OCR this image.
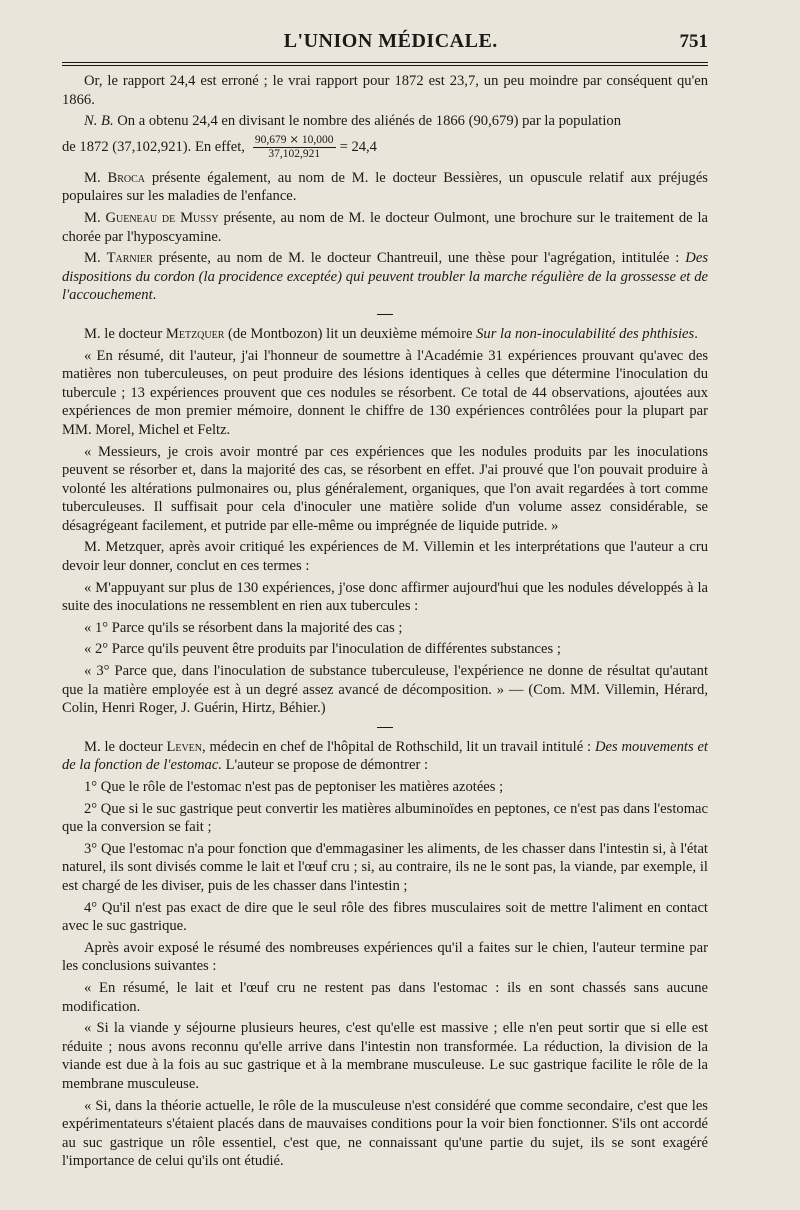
L'UNION MÉDICALE.	751

Or, le rapport 24,4 est erroné ; le vrai rapport pour 1872 est 23,7, un peu moindre par conséquent qu'en 1866.

N. B. On a obtenu 24,4 en divisant le nombre des aliénés de 1866 (90,679) par la population

de 1872 (37,102,921). En effet, $\frac{90,679 ⨯ 10,000}{37,102,921} = 24,4$

M. Broca présente également, au nom de M. le docteur Bessières, un opuscule relatif aux préjugés populaires sur les maladies de l'enfance.

M. Gueneau de Mussy présente, au nom de M. le docteur Oulmont, une brochure sur le traitement de la chorée par l'hyposcyamine.

M. Tarnier présente, au nom de M. le docteur Chantreuil, une thèse pour l'agrégation, intitulée : Des dispositions du cordon (la procidence exceptée) qui peuvent troubler la marche régulière de la grossesse et de l'accouchement.

M. le docteur Metzquer (de Montbozon) lit un deuxième mémoire Sur la non-inoculabilité des phthisies.

« En résumé, dit l'auteur, j'ai l'honneur de soumettre à l'Académie 31 expériences prouvant qu'avec des matières non tuberculeuses, on peut produire des lésions identiques à celles que détermine l'inoculation du tubercule ; 13 expériences prouvent que ces nodules se résorbent. Ce total de 44 observations, ajoutées aux expériences de mon premier mémoire, donnent le chiffre de 130 expériences contrôlées pour la plupart par MM. Morel, Michel et Feltz.

« Messieurs, je crois avoir montré par ces expériences que les nodules produits par les inoculations peuvent se résorber et, dans la majorité des cas, se résorbent en effet. J'ai prouvé que l'on pouvait produire à volonté les altérations pulmonaires ou, plus généralement, organiques, que l'on avait regardées à tort comme tuberculeuses. Il suffisait pour cela d'inoculer une matière solide d'un volume assez considérable, se désagrégeant facilement, et putride par elle-même ou imprégnée de liquide putride. »

M. Metzquer, après avoir critiqué les expériences de M. Villemin et les interprétations que l'auteur a cru devoir leur donner, conclut en ces termes :

« M'appuyant sur plus de 130 expériences, j'ose donc affirmer aujourd'hui que les nodules développés à la suite des inoculations ne ressemblent en rien aux tubercules :

« 1° Parce qu'ils se résorbent dans la majorité des cas ;

« 2° Parce qu'ils peuvent être produits par l'inoculation de différentes substances ;

« 3° Parce que, dans l'inoculation de substance tuberculeuse, l'expérience ne donne de résultat qu'autant que la matière employée est à un degré assez avancé de décomposition. » — (Com. MM. Villemin, Hérard, Colin, Henri Roger, J. Guérin, Hirtz, Béhier.)

M. le docteur Leven, médecin en chef de l'hôpital de Rothschild, lit un travail intitulé : Des mouvements et de la fonction de l'estomac. L'auteur se propose de démontrer :

1° Que le rôle de l'estomac n'est pas de peptoniser les matières azotées ;

2° Que si le suc gastrique peut convertir les matières albuminoïdes en peptones, ce n'est pas dans l'estomac que la conversion se fait ;

3° Que l'estomac n'a pour fonction que d'emmagasiner les aliments, de les chasser dans l'intestin si, à l'état naturel, ils sont divisés comme le lait et l'œuf cru ; si, au contraire, ils ne le sont pas, la viande, par exemple, il est chargé de les diviser, puis de les chasser dans l'intestin ;

4° Qu'il n'est pas exact de dire que le seul rôle des fibres musculaires soit de mettre l'aliment en contact avec le suc gastrique.

Après avoir exposé le résumé des nombreuses expériences qu'il a faites sur le chien, l'auteur termine par les conclusions suivantes :

« En résumé, le lait et l'œuf cru ne restent pas dans l'estomac : ils en sont chassés sans aucune modification.

« Si la viande y séjourne plusieurs heures, c'est qu'elle est massive ; elle n'en peut sortir que si elle est réduite ; nous avons reconnu qu'elle arrive dans l'intestin non transformée. La réduction, la division de la viande est due à la fois au suc gastrique et à la membrane musculeuse. Le suc gastrique facilite le rôle de la membrane musculeuse.

« Si, dans la théorie actuelle, le rôle de la musculeuse n'est considéré que comme secondaire, c'est que les expérimentateurs s'étaient placés dans de mauvaises conditions pour la voir bien fonctionner. S'ils ont accordé au suc gastrique un rôle essentiel, c'est que, ne connaissant qu'une partie du sujet, ils se sont exagéré l'importance de celui qu'ils ont étudié.
